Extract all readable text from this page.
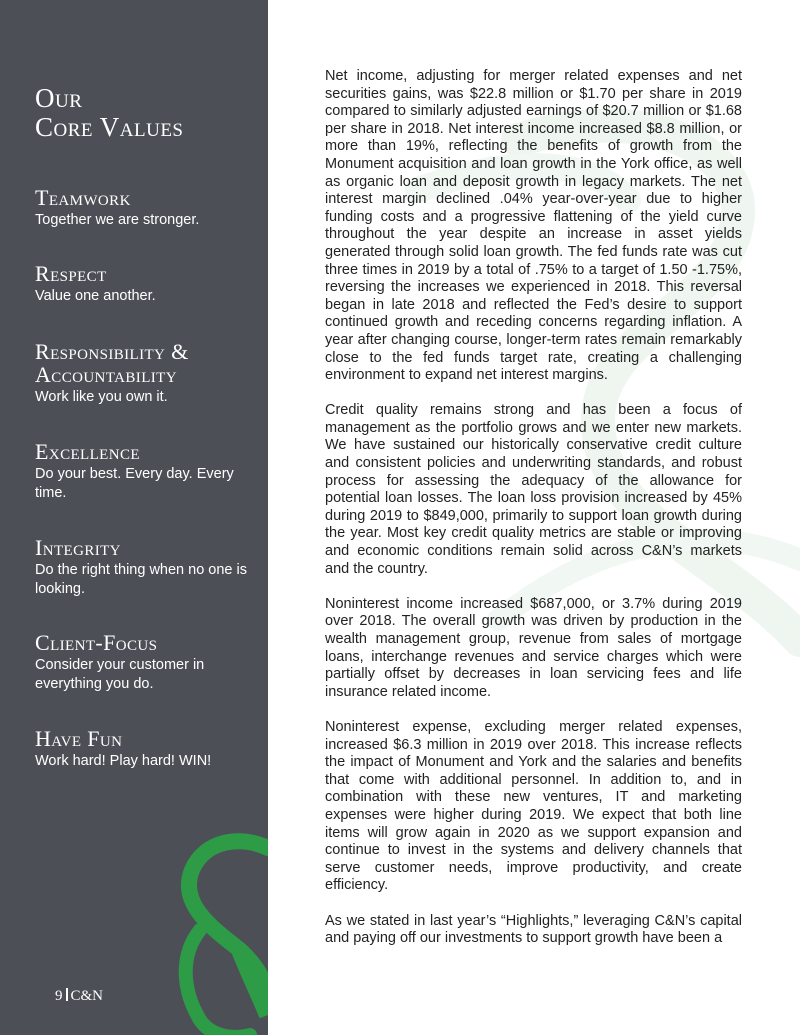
Our
Core Values
Teamwork
Together we are stronger.
Respect
Value one another.
Responsibility &
Accountability
Work like you own it.
Excellence
Do your best. Every day. Every time.
Integrity
Do the right thing when no one is looking.
Client-Focus
Consider your customer in everything you do.
Have Fun
Work hard! Play hard! WIN!
9 C&N

Net income, adjusting for merger related expenses and net securities gains, was $22.8 million or $1.70 per share in 2019 compared to similarly adjusted earnings of $20.7 million or $1.68 per share in 2018. Net interest income increased $8.8 million, or more than 19%, reflecting the benefits of growth from the Monument acquisition and loan growth in the York office, as well as organic loan and deposit growth in legacy markets. The net interest margin declined .04% year-over-year due to higher funding costs and a progressive flattening of the yield curve throughout the year despite an increase in asset yields generated through solid loan growth. The fed funds rate was cut three times in 2019 by a total of .75% to a target of 1.50 -1.75%, reversing the increases we experienced in 2018. This reversal began in late 2018 and reflected the Fed’s desire to support continued growth and receding concerns regarding inflation. A year after changing course, longer-term rates remain remarkably close to the fed funds target rate, creating a challenging environment to expand net interest margins.

Credit quality remains strong and has been a focus of management as the portfolio grows and we enter new markets. We have sustained our historically conservative credit culture and consistent policies and underwriting standards, and robust process for assessing the adequacy of the allowance for potential loan losses. The loan loss provision increased by 45% during 2019 to $849,000, primarily to support loan growth during the year. Most key credit quality metrics are stable or improving and economic conditions remain solid across C&N’s markets and the country.

Noninterest income increased $687,000, or 3.7% during 2019 over 2018. The overall growth was driven by production in the wealth management group, revenue from sales of mortgage loans, interchange revenues and service charges which were partially offset by decreases in loan servicing fees and life insurance related income.

Noninterest expense, excluding merger related expenses, increased $6.3 million in 2019 over 2018. This increase reflects the impact of Monument and York and the salaries and benefits that come with additional personnel. In addition to, and in combination with these new ventures, IT and marketing expenses were higher during 2019. We expect that both line items will grow again in 2020 as we support expansion and continue to invest in the systems and delivery channels that serve customer needs, improve productivity, and create efficiency.

As we stated in last year’s “Highlights,” leveraging C&N’s capital and paying off our investments to support growth have been a
